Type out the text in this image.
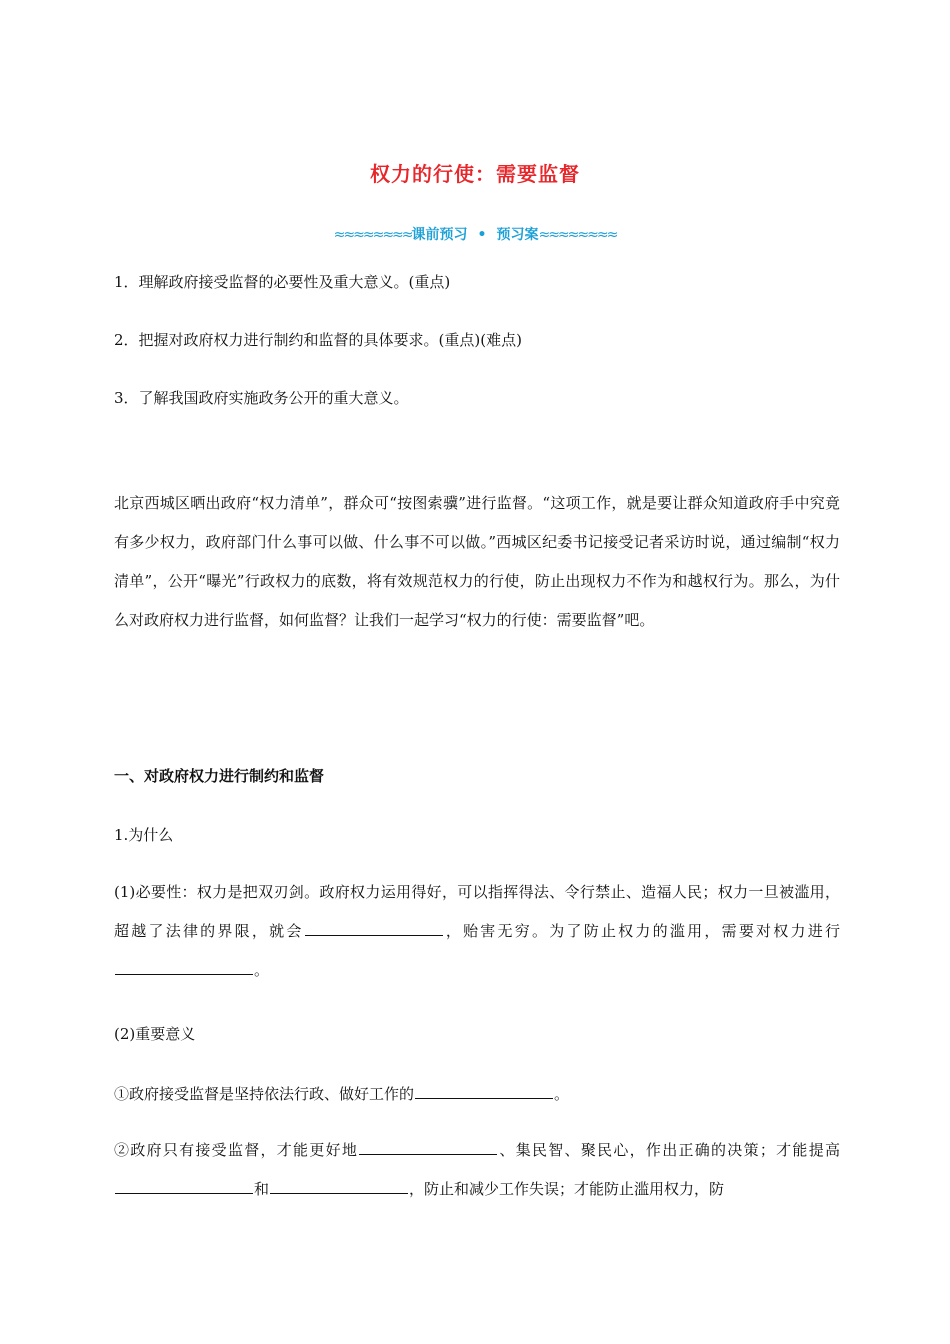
权力的行使：需要监督
≈≈≈≈≈≈≈≈课前预习 • 预习案≈≈≈≈≈≈≈≈
1．理解政府接受监督的必要性及重大意义。(重点)
2．把握对政府权力进行制约和监督的具体要求。(重点)(难点)
3．了解我国政府实施政务公开的重大意义。
北京西城区晒出政府“权力清单”，群众可“按图索骥”进行监督。“这项工作，就是要让群众知道政府手中究竟有多少权力，政府部门什么事可以做、什么事不可以做。”西城区纪委书记接受记者采访时说，通过编制“权力清单”，公开“曝光”行政权力的底数，将有效规范权力的行使，防止出现权力不作为和越权行为。那么，为什么对政府权力进行监督，如何监督？让我们一起学习“权力的行使：需要监督”吧。
一、对政府权力进行制约和监督
1.为什么
(1)必要性：权力是把双刃剑。政府权力运用得好，可以指挥得法、令行禁止、造福人民；权力一旦被滥用，超越了法律的界限，就会	，贻害无穷。为了防止权力的滥用，需要对权力进行。
(2)重要意义
①政府接受监督是坚持依法行政、做好工作的	。
②政府只有接受监督，才能更好地	、集民智、聚民心，作出正确的决策；才能提高和	，防止和减少工作失误；才能防止滥用权力，防
